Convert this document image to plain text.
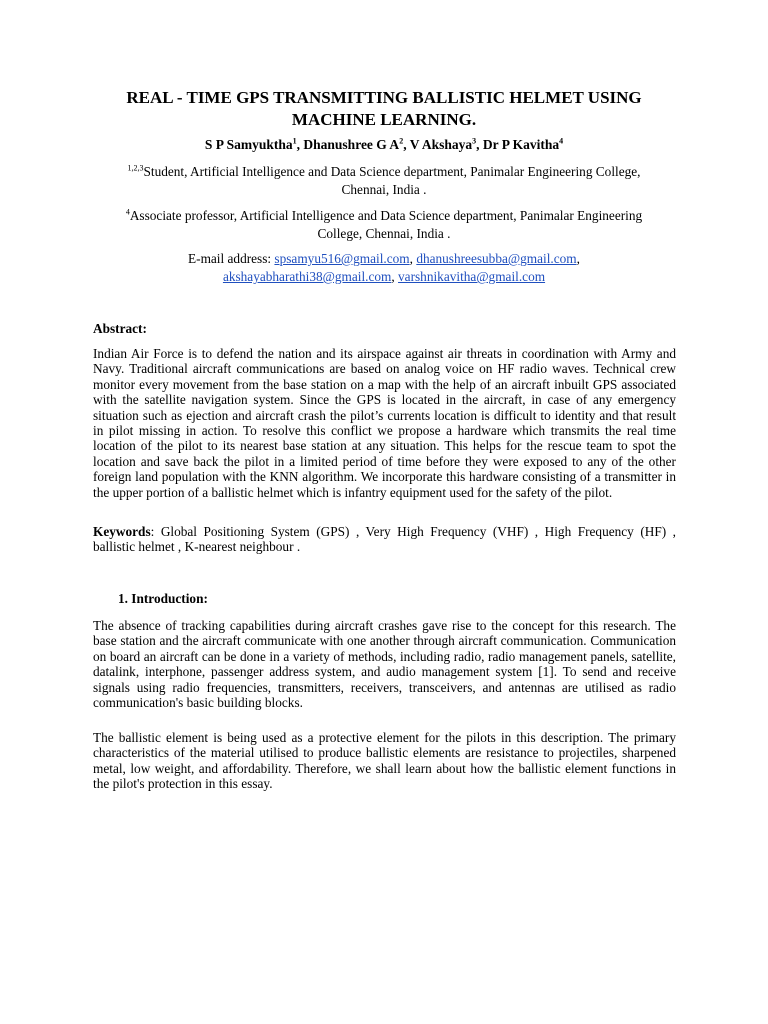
REAL - TIME GPS TRANSMITTING BALLISTIC HELMET USING
MACHINE LEARNING.
S P Samyuktha$^1$, Dhanushree G $A^2$, V Akshaya$^3$, Dr P Kavitha$^4$
$^{1,2,3}$Student, Artificial Intelligence and Data Science department, Panimalar Engineering College,
Chennai, India .
$^4$Associate professor, Artificial Intelligence and Data Science department, Panimalar Engineering
College, Chennai, India .
E-mail address: spsamyu516@gmail.com, dhanushreesubba@gmail.com,
akshayabharathi38@gmail.com, varshnikavitha@gmail.com
Abstract:
Indian Air Force is to defend the nation and its airspace against air threats in coordination with Army and Navy. Traditional aircraft communications are based on analog voice on HF radio waves. Technical crew monitor every movement from the base station on a map with the help of an aircraft inbuilt GPS associated with the satellite navigation system. Since the GPS is located in the aircraft, in case of any emergency situation such as ejection and aircraft crash the pilot’s currents location is difficult to identity and that result in pilot missing in action. To resolve this conflict we propose a hardware which transmits the real time location of the pilot to its nearest base station at any situation. This helps for the rescue team to spot the location and save back the pilot in a limited period of time before they were exposed to any of the other foreign land population with the KNN algorithm. We incorporate this hardware consisting of a transmitter in the upper portion of a ballistic helmet which is infantry equipment used for the safety of the pilot.
Keywords: Global Positioning System (GPS) , Very High Frequency (VHF) , High Frequency (HF) , ballistic helmet , K-nearest neighbour .
1. Introduction:
The absence of tracking capabilities during aircraft crashes gave rise to the concept for this research. The base station and the aircraft communicate with one another through aircraft communication. Communication on board an aircraft can be done in a variety of methods, including radio, radio management panels, satellite, datalink, interphone, passenger address system, and audio management system [1]. To send and receive signals using radio frequencies, transmitters, receivers, transceivers, and antennas are utilised as radio communication's basic building blocks.
The ballistic element is being used as a protective element for the pilots in this description. The primary characteristics of the material utilised to produce ballistic elements are resistance to projectiles, sharpened metal, low weight, and affordability. Therefore, we shall learn about how the ballistic element functions in the pilot's protection in this essay.
